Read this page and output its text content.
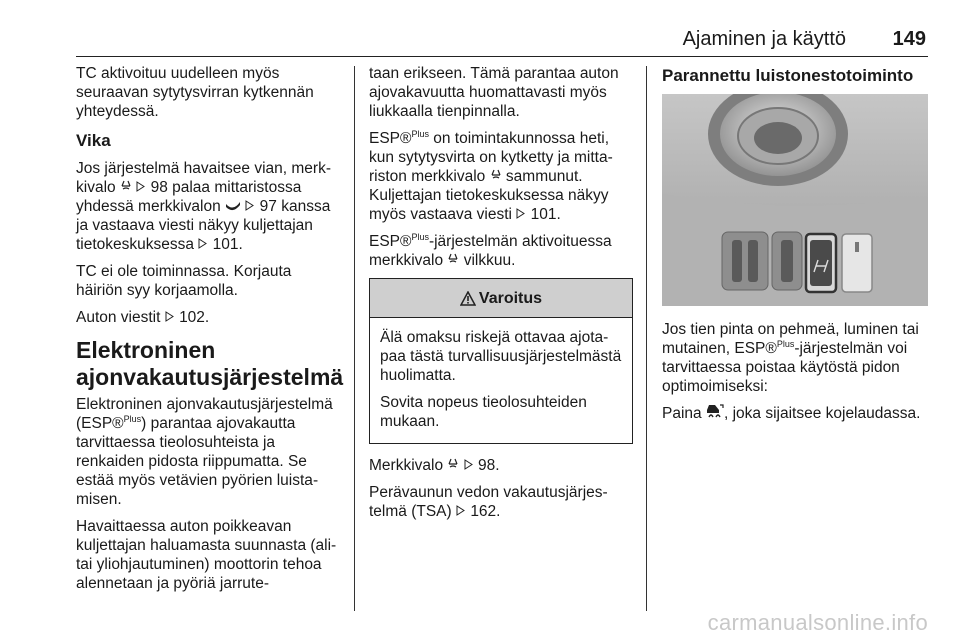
Ajaminen ja käyttö 149

TC aktivoituu uudelleen myös seuraavan sytytysvirran kytkennän yhteydessä.

Vika

Jos järjestelmä havaitsee vian, merkkivalo 98 palaa mittaristossa yhdessä merkkivalon	97 kanssa ja vastaava viesti näkyy kuljettajan tietokeskuksessa 101.

TC ei ole toiminnassa. Korjauta häiriön syy korjaamolla.

Auton viestit 102.

Elektroninen ajonvakautusjärjestelmä

Elektroninen ajonvakautusjärjestelmä (ESP®$^{Plus}$) parantaa ajovakautta tarvittaessa tieolosuhteista ja renkaiden pidosta riippumatta. Se estää myös vetävien pyörien luistamisen.

Havaittaessa auton poikkeavan kuljettajan haluamasta suunnasta (ali- tai yliohjautuminen) moottorin tehoa alennetaan ja pyöriä jarrute-

taan erikseen. Tämä parantaa auton ajovakavuutta huomattavasti myös liukkaalla tienpinnalla.

ESP®$^{Plus}$ on toimintakunnossa heti, kun sytytysvirta on kytketty ja mittariston merkkivalo sammunut. Kuljettajan tietokeskuksessa näkyy myös vastaava viesti 101.

ESP®$^{Plus}$-järjestelmän aktivoituessa merkkivalo vilkkuu.

Varoitus

Älä omaksu riskejä ottavaa ajotapaa tästä turvallisuusjärjestelmästä huolimatta.

Sovita nopeus tieolosuhteiden mukaan.

Merkkivalo 98.

Perävaunun vedon vakautusjärjestelmä (TSA) 162.

Parannettu luistonestotoiminto

Jos tien pinta on pehmeä, luminen tai mutainen, ESP®$^{Plus}$-järjestelmän voi tarvittaessa poistaa käytöstä pidon optimoimiseksi:

Paina , joka sijaitsee kojelaudassa.

carmanualsonline.info
